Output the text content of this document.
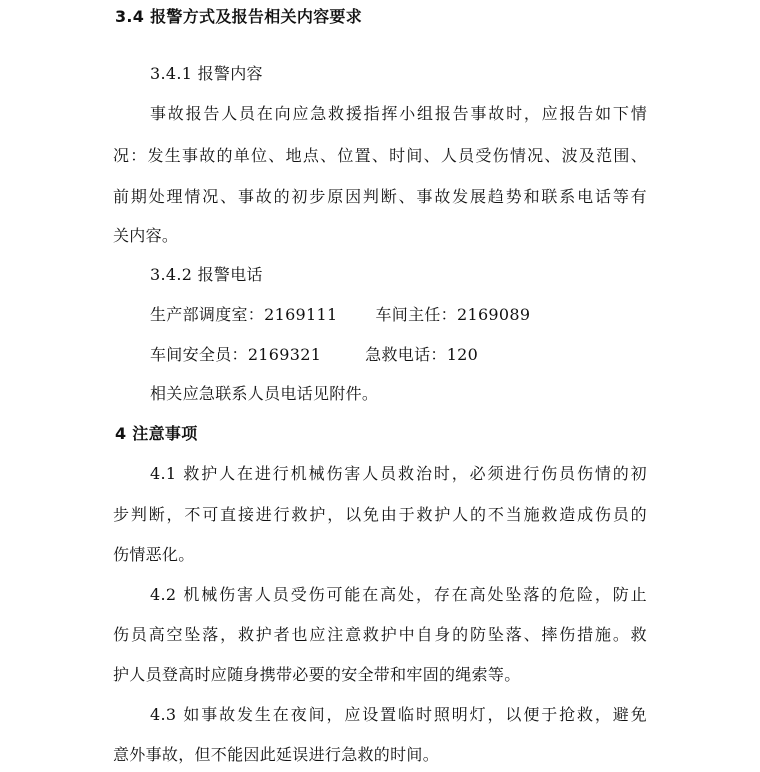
3.4 报警方式及报告相关内容要求
3.4.1 报警内容
事故报告人员在向应急救援指挥小组报告事故时，应报告如下情
况：发生事故的单位、地点、位置、时间、人员受伤情况、波及范围、
前期处理情况、事故的初步原因判断、事故发展趋势和联系电话等有
关内容。
3.4.2 报警电话
生产部调度室：2169111 车间主任：2169089
车间安全员：2169321	急救电话：120
相关应急联系人员电话见附件。
4 注意事项
4.1 救护人在进行机械伤害人员救治时，必须进行伤员伤情的初
步判断，不可直接进行救护，以免由于救护人的不当施救造成伤员的
伤情恶化。
4.2 机械伤害人员受伤可能在高处，存在高处坠落的危险，防止
伤员高空坠落，救护者也应注意救护中自身的防坠落、摔伤措施。救
护人员登高时应随身携带必要的安全带和牢固的绳索等。
4.3 如事故发生在夜间，应设置临时照明灯，以便于抢救，避免
意外事故，但不能因此延误进行急救的时间。
